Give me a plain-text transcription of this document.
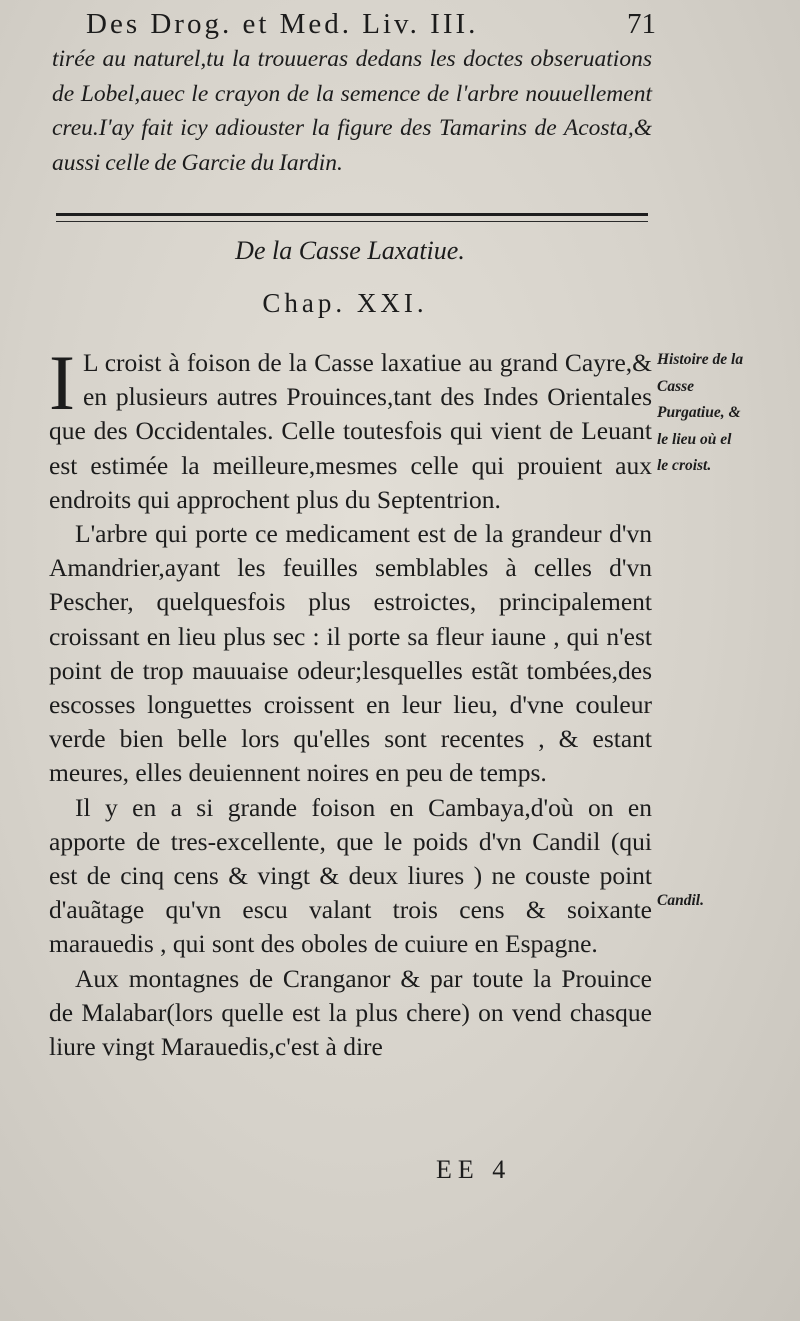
Des Drog. et Med. Liv. III.	71
tirée au naturel,tu la trouueras dedans les doctes obseruations de Lobel,auec le crayon de la semence de l'arbre nouuellement creu.I'ay fait icy adiouster la figure des Tamarins de Acosta,& aussi celle de Garcie du Iardin.
De la Casse Laxatiue.
Chap. XXI.

I L croist à foison de la Casse laxatiue au grand Cayre,& en plusieurs autres Prouinces,tant des Indes Orientales que des Occidentales. Celle toutesfois qui vient de Leuant est estimée la meilleure,mesmes celle qui prouient aux endroits qui approchent plus du Septentrion.

L'arbre qui porte ce medicament est de la grandeur d'vn Amandrier,ayant les feuilles semblables à celles d'vn Pescher, quelquesfois plus estroictes, principalement croissant en lieu plus sec : il porte sa fleur iaune , qui n'est point de trop mauuaise odeur;lesquelles estãt tombées,des escosses longuettes croissent en leur lieu, d'vne couleur verde bien belle lors qu'elles sont recentes , & estant meures, elles deuiennent noires en peu de temps.

Il y en a si grande foison en Cambaya,d'où on en apporte de tres-excellente, que le poids d'vn Candil (qui est de cinq cens & vingt & deux liures ) ne couste point d'auãtage qu'vn escu valant trois cens & soixante marauedis , qui sont des oboles de cuiure en Espagne.

Aux montagnes de Cranganor & par toute la Prouince de Malabar(lors quelle est la plus chere) on vend chasque liure vingt Marauedis,c'est à dire

Histoire de la Casse Purgatiue, & le lieu où el le croist.
Candil.
EE 4
